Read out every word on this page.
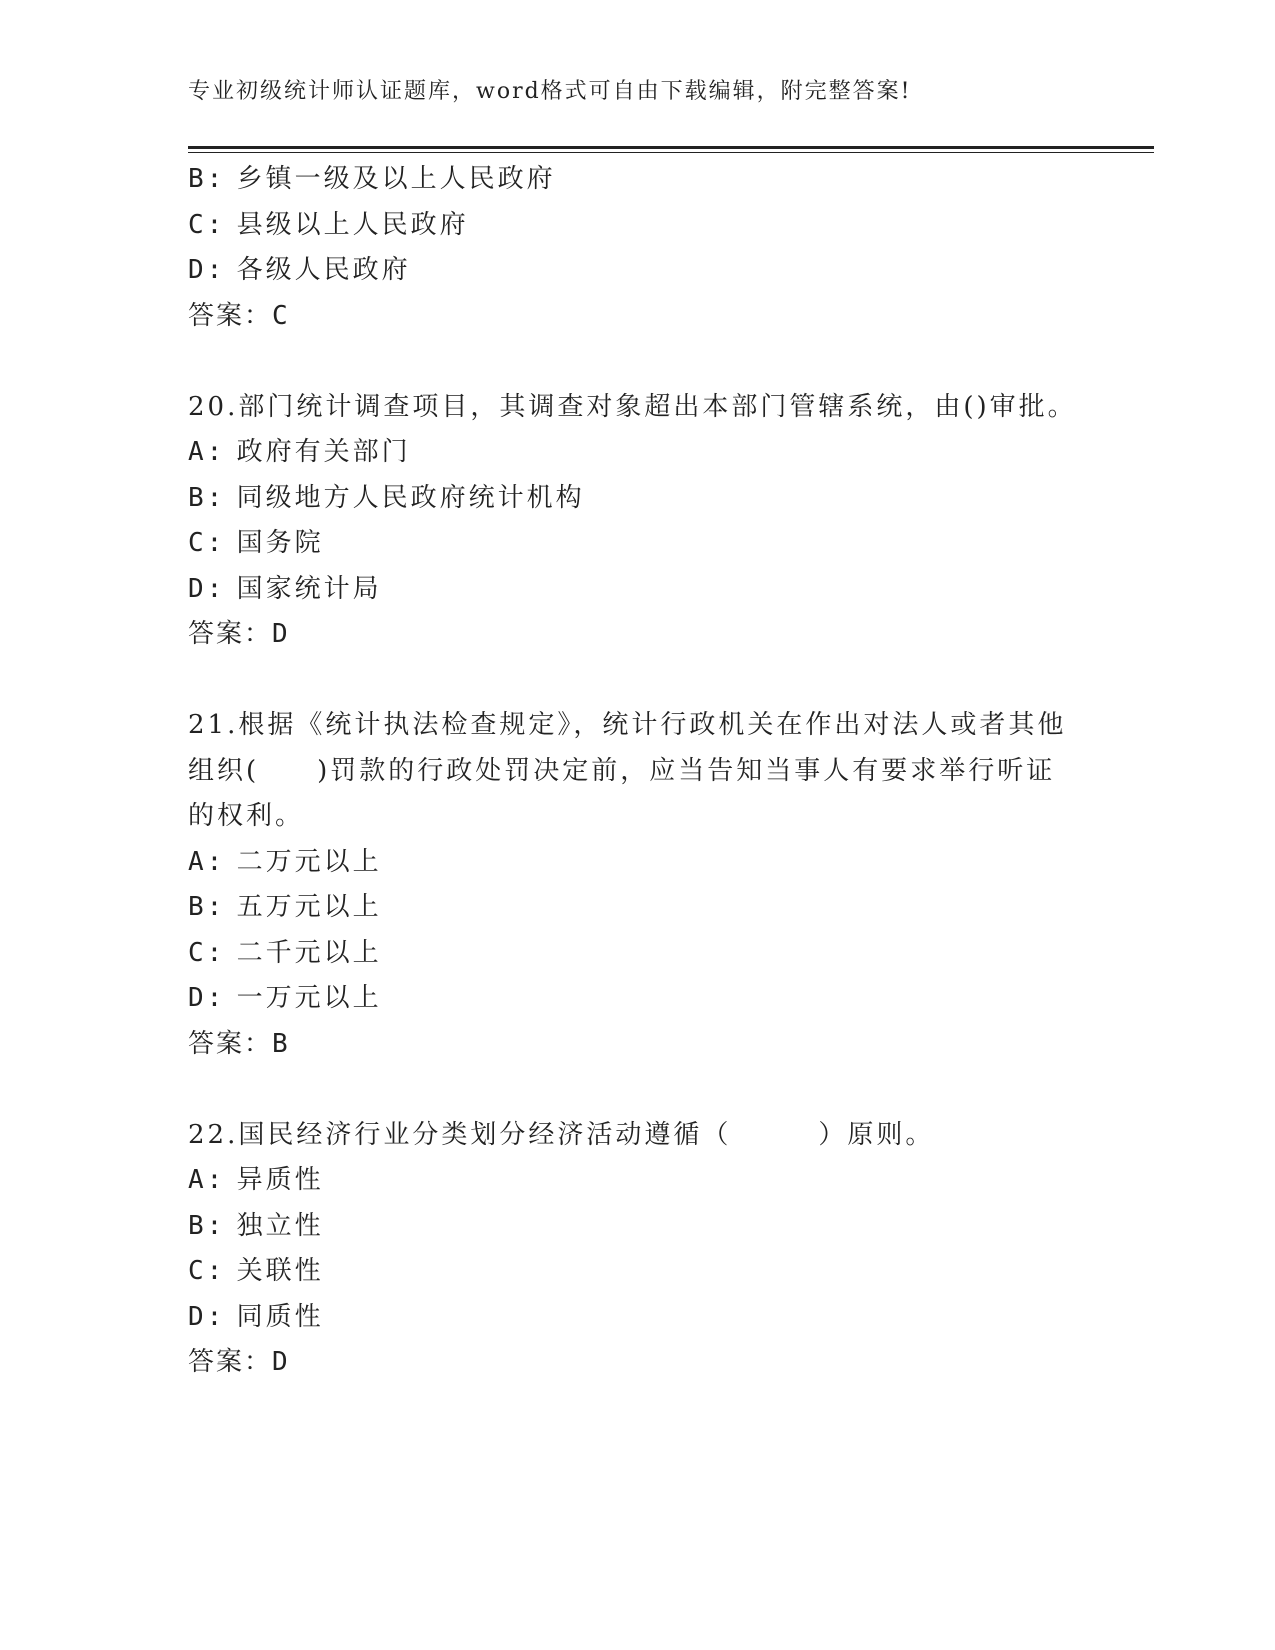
专业初级统计师认证题库，word格式可自由下载编辑，附完整答案!
B: 乡镇一级及以上人民政府
C: 县级以上人民政府
D: 各级人民政府
答案：C
20.部门统计调查项目，其调查对象超出本部门管辖系统，由()审批。
A: 政府有关部门
B: 同级地方人民政府统计机构
C: 国务院
D: 国家统计局
答案：D
21.根据《统计执法检查规定》，统计行政机关在作出对法人或者其他
组织(　　)罚款的行政处罚决定前，应当告知当事人有要求举行听证
的权利。
A: 二万元以上
B: 五万元以上
C: 二千元以上
D: 一万元以上
答案：B
22.国民经济行业分类划分经济活动遵循（　　　）原则。
A: 异质性
B: 独立性
C: 关联性
D: 同质性
答案：D
